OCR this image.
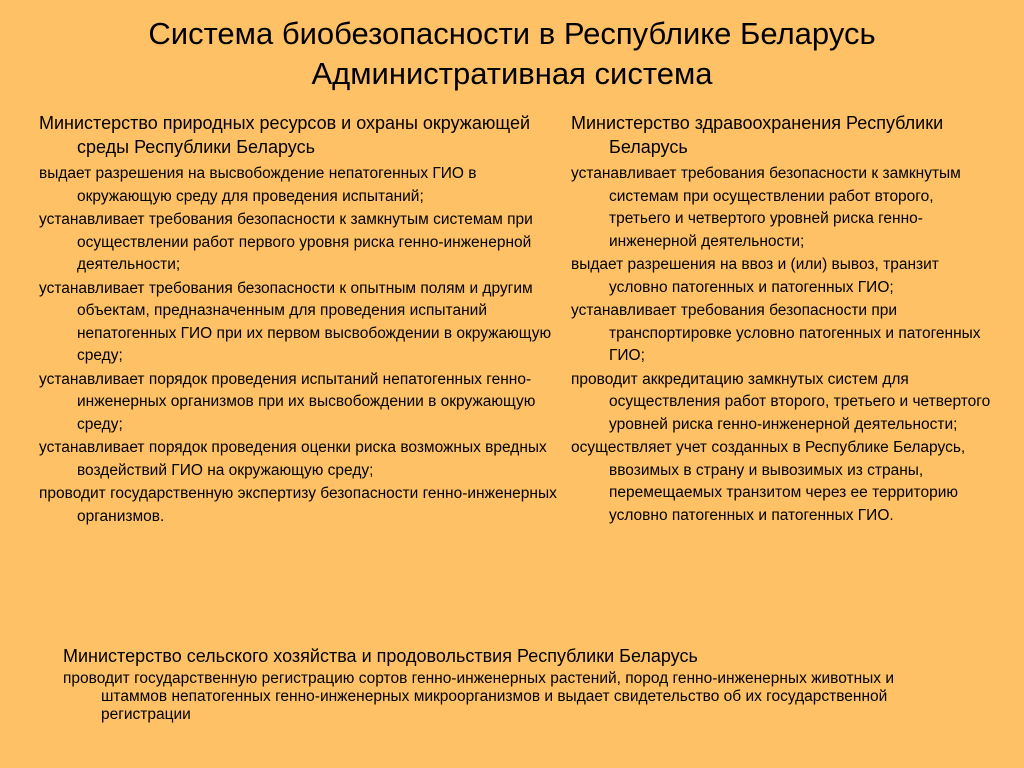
Система биобезопасности в Республике Беларусь
Административная система
Министерство природных ресурсов и охраны окружающей среды Республики Беларусь
выдает разрешения на высвобождение непатогенных ГИО в окружающую среду для проведения испытаний;
устанавливает требования безопасности к замкнутым системам при осуществлении работ первого уровня риска генно-инженерной деятельности;
устанавливает требования безопасности к опытным полям и другим объектам, предназначенным для проведения испытаний непатогенных ГИО при их первом высвобождении в окружающую среду;
устанавливает порядок проведения испытаний непатогенных генно-инженерных организмов при их высвобождении в окружающую среду;
устанавливает порядок проведения оценки риска возможных вредных воздействий ГИО на окружающую среду;
проводит государственную экспертизу безопасности генно-инженерных организмов.
Министерство здравоохранения Республики Беларусь
устанавливает требования безопасности к замкнутым системам при осуществлении работ второго, третьего и четвертого уровней риска генно-инженерной деятельности;
выдает разрешения на ввоз и (или) вывоз, транзит условно патогенных и патогенных ГИО;
устанавливает требования безопасности при транспортировке условно патогенных и патогенных ГИО;
проводит аккредитацию замкнутых систем для осуществления работ второго, третьего и четвертого уровней риска генно-инженерной деятельности;
осуществляет учет созданных в Республике Беларусь, ввозимых в страну и вывозимых из страны, перемещаемых транзитом через ее территорию условно патогенных и патогенных ГИО.
Министерство сельского хозяйства и продовольствия Республики Беларусь
проводит государственную регистрацию сортов генно-инженерных растений, пород генно-инженерных животных и штаммов непатогенных генно-инженерных микроорганизмов и выдает свидетельство об их государственной регистрации
